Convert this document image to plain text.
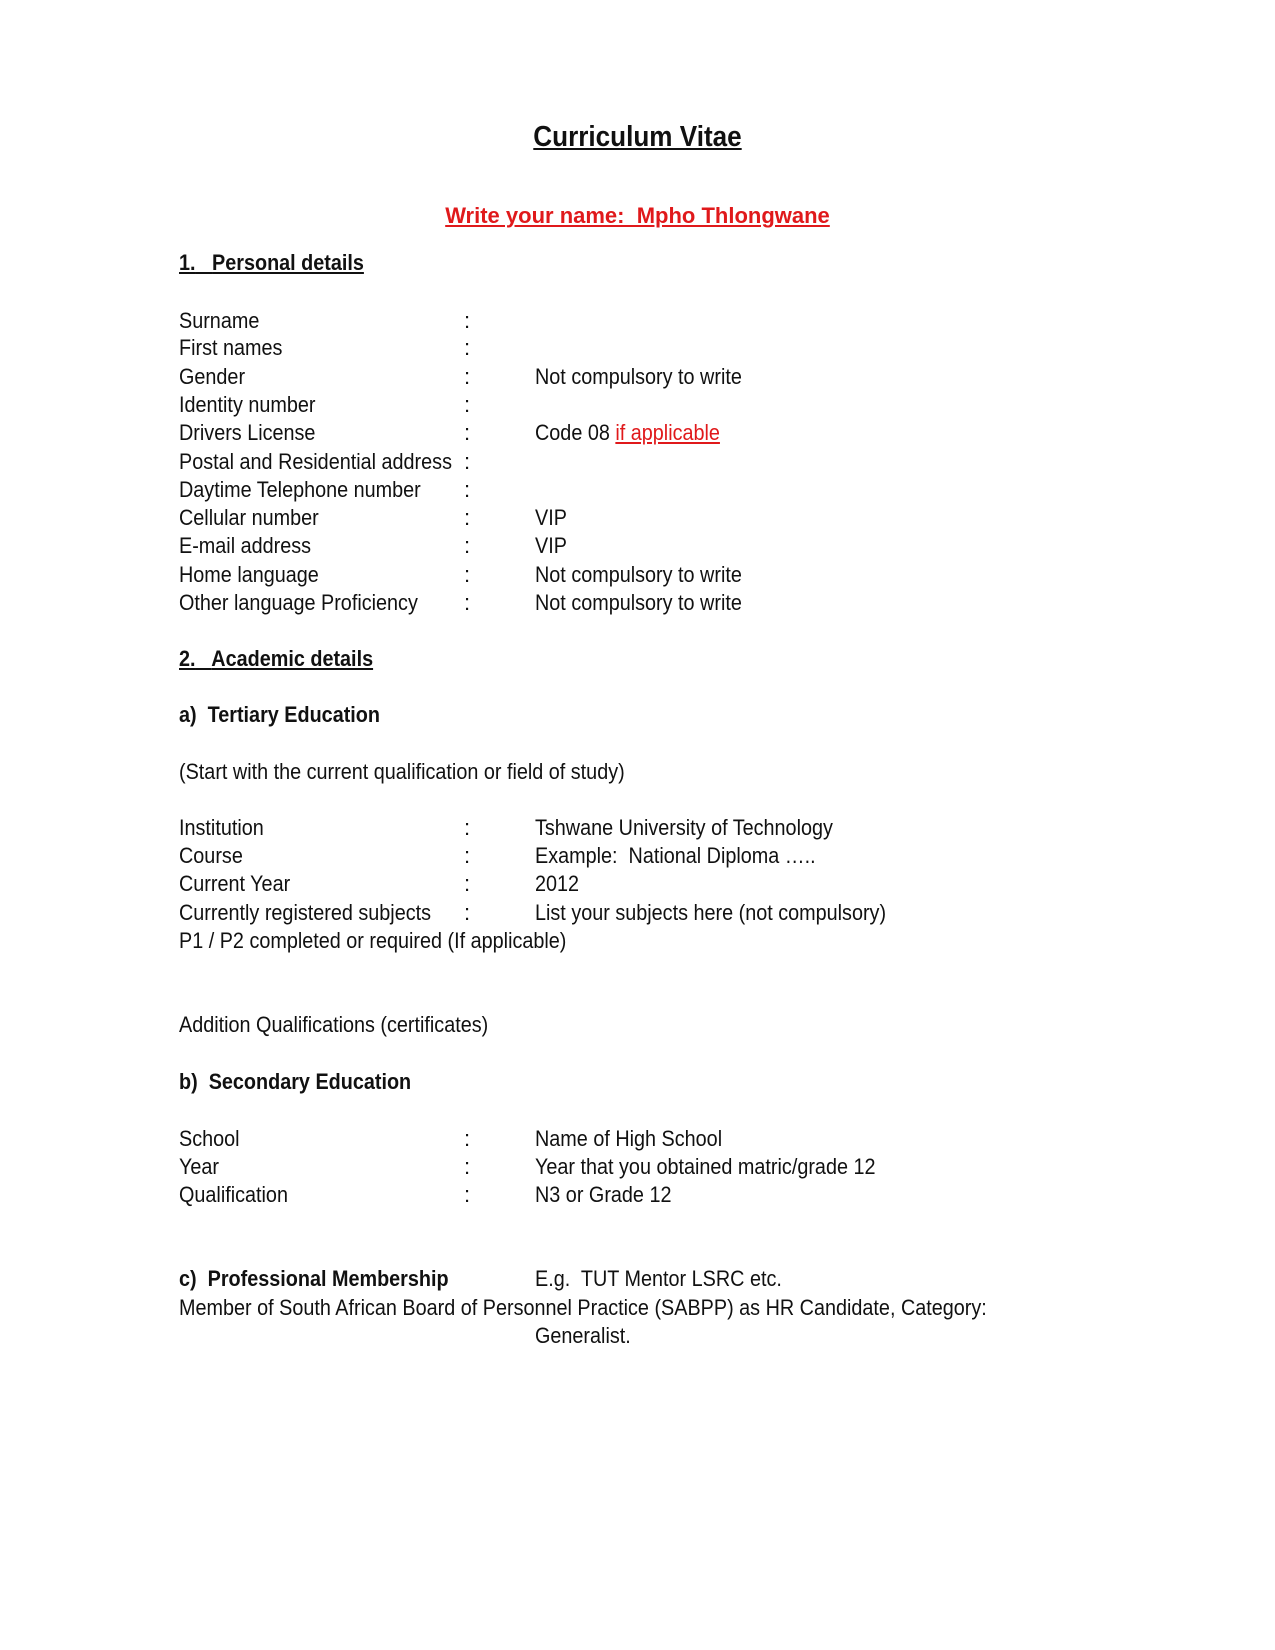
Curriculum Vitae
Write your name:  Mpho Thlongwane
1. Personal details
Surname	:
First names	:
Gender	:	Not compulsory to write
Identity number	:
Drivers License	:	Code 08 if applicable
Postal and Residential address :
Daytime Telephone number :
Cellular number	:	VIP
E-mail address	:	VIP
Home language	:	Not compulsory to write
Other language Proficiency :	Not compulsory to write
2. Academic details
a) Tertiary Education
(Start with the current qualification or field of study)
Institution	:	Tshwane University of Technology
Course	:	Example:  National Diploma …..
Current Year	:	2012
Currently registered subjects :	List your subjects here (not compulsory)
P1 / P2 completed or required (If applicable)
Addition Qualifications (certificates)
b) Secondary Education
School	:	Name of High School
Year	:	Year that you obtained matric/grade 12
Qualification	:	N3 or Grade 12
c) Professional Membership	E.g.  TUT Mentor LSRC etc.
Member of South African Board of Personnel Practice (SABPP) as HR Candidate, Category:
Generalist.
